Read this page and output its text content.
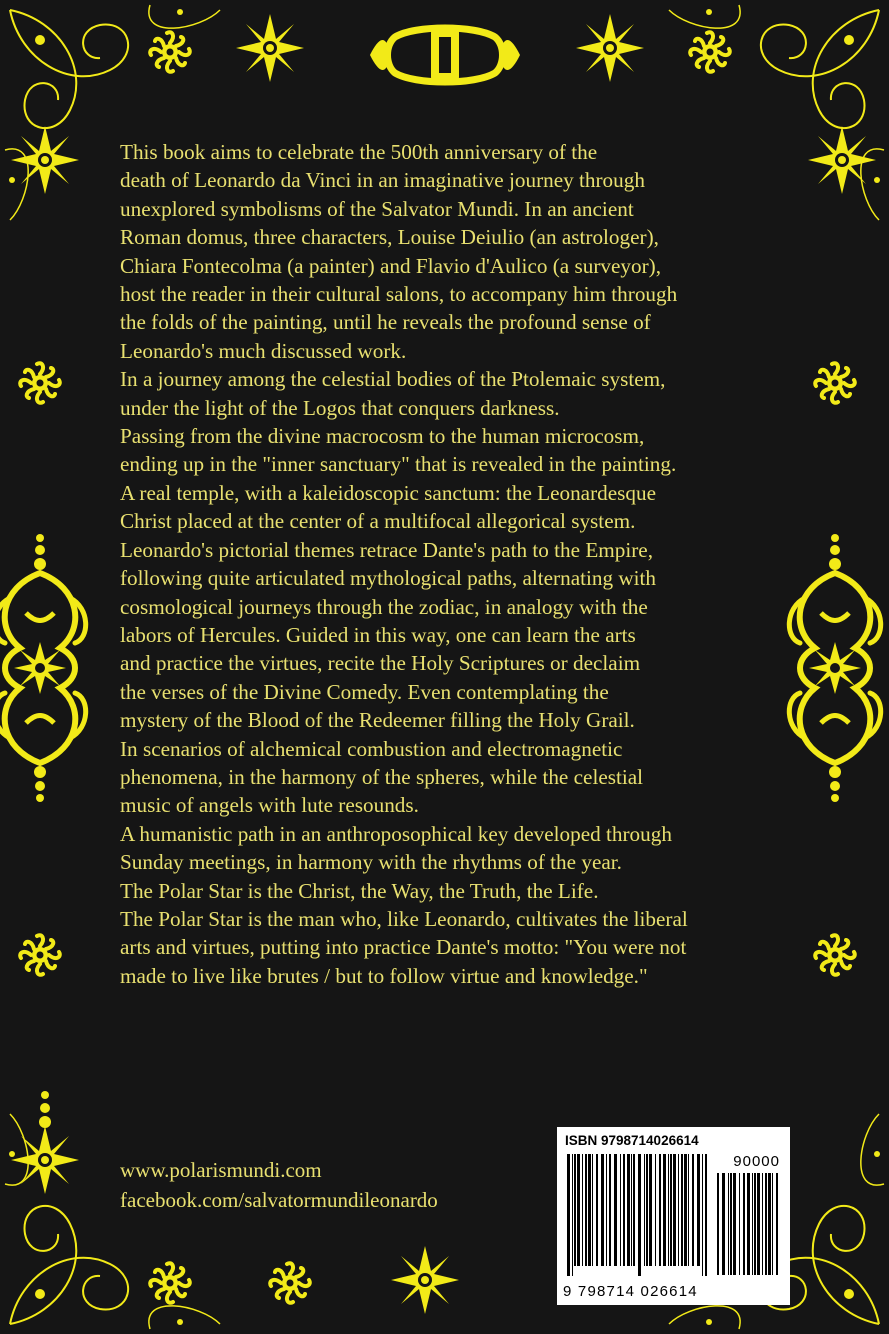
This book aims to celebrate the 500th anniversary of the

death of Leonardo da Vinci in an imaginative journey through

unexplored symbolisms of the Salvator Mundi. In an ancient

Roman domus, three characters, Louise Deiulio (an astrologer),

Chiara Fontecolma (a painter) and Flavio d'Aulico (a surveyor),

host the reader in their cultural salons, to accompany him through

the folds of the painting, until he reveals the profound sense of

Leonardo's much discussed work.

In a journey among the celestial bodies of the Ptolemaic system,

under the light of the Logos that conquers darkness.

Passing from the divine macrocosm to the human microcosm,

ending up in the "inner sanctuary" that is revealed in the painting.

A real temple, with a kaleidoscopic sanctum: the Leonardesque

Christ placed at the center of a multifocal allegorical system.

Leonardo's pictorial themes retrace Dante's path to the Empire,

following quite articulated mythological paths, alternating with

cosmological journeys through the zodiac, in analogy with the

labors of Hercules. Guided in this way, one can learn the arts

and practice the virtues, recite the Holy Scriptures or declaim

the verses of the Divine Comedy. Even contemplating the

mystery of the Blood of the Redeemer filling the Holy Grail.

In scenarios of alchemical combustion and electromagnetic

phenomena, in the harmony of the spheres, while the celestial

music of angels with lute resounds.

A humanistic path in an anthroposophical key developed through

Sunday meetings, in harmony with the rhythms of the year.

The Polar Star is the Christ, the Way, the Truth, the Life.

The Polar Star is the man who, like Leonardo, cultivates the liberal

arts and virtues, putting into practice Dante's motto: "You were not

made to live like brutes / but to follow virtue and knowledge."

www.polarismundi.com
facebook.com/salvatormundileonardo
ISBN 9798714026614
90000
9 798714 026614
